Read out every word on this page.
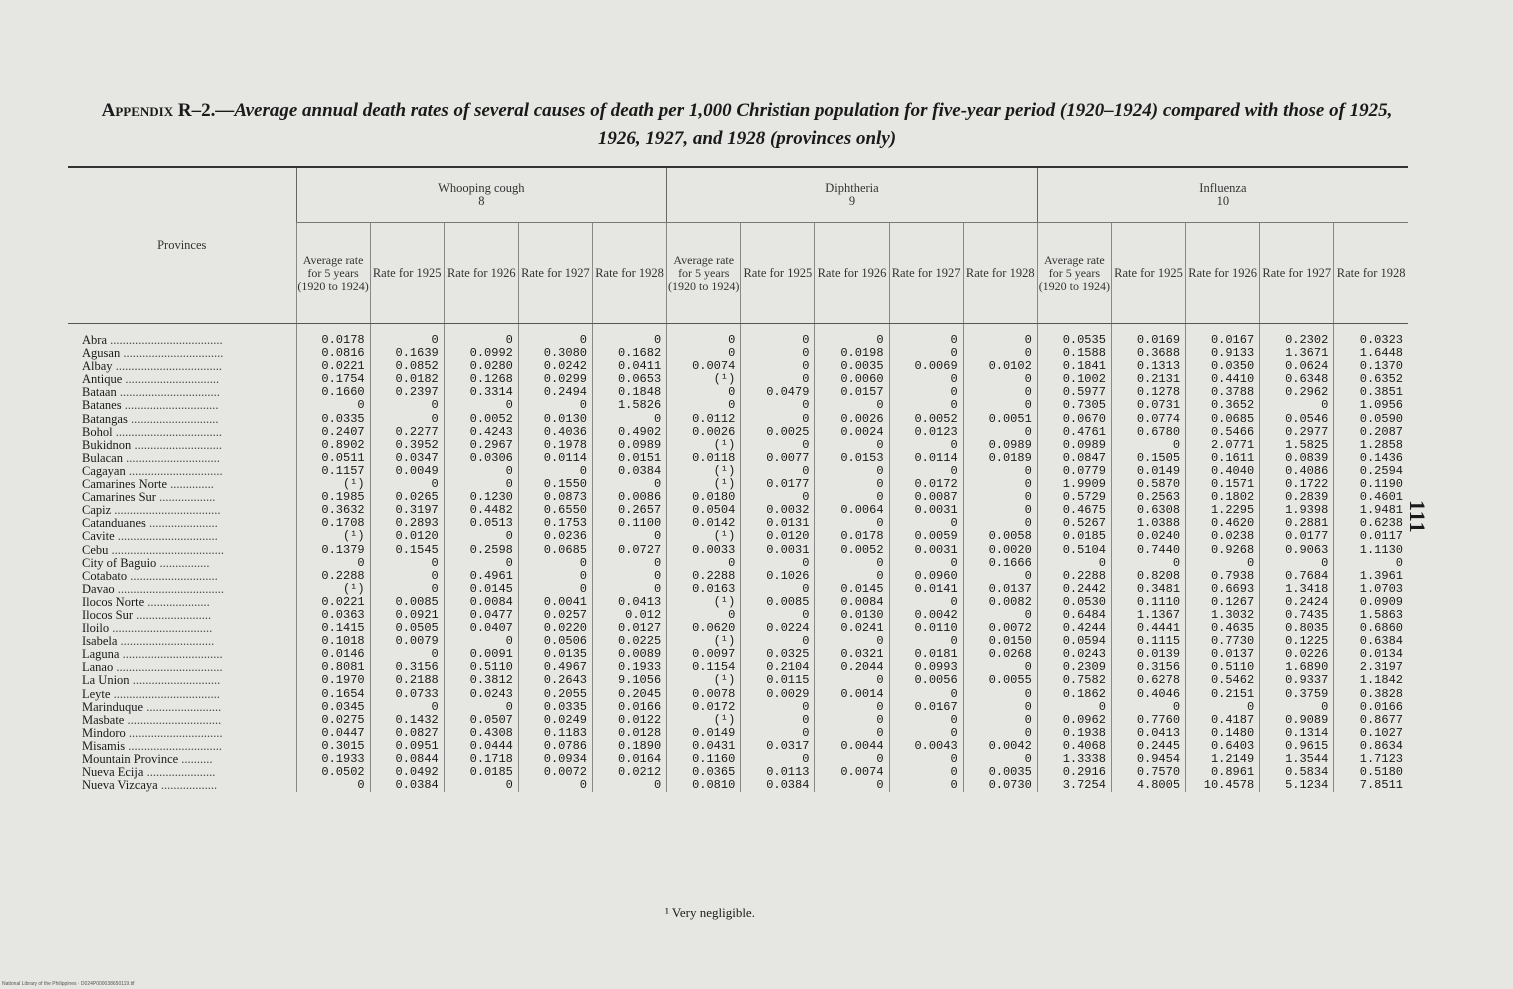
111
Appendix R–2.—Average annual death rates of several causes of death per 1,000 Christian population for five-year period (1920–1924) compared with those of 1925, 1926, 1927, and 1928 (provinces only)
Provinces	Whooping cough
8					Diphtheria
9					Influenza
10				
	Average rate for 5 years (1920 to 1924)	Rate for 1925	Rate for 1926	Rate for 1927	Rate for 1928	Average rate for 5 years (1920 to 1924)	Rate for 1925	Rate for 1926	Rate for 1927	Rate for 1928	Average rate for 5 years (1920 to 1924)	Rate for 1925	Rate for 1926	Rate for 1927	Rate for 1928
Abra ....................................	0.0178	0	0	0	0	0	0	0	0	0	0.0535	0.0169	0.0167	0.2302	0.0323
Agusan ................................	0.0816	0.1639	0.0992	0.3080	0.1682	0	0	0.0198	0	0	0.1588	0.3688	0.9133	1.3671	1.6448
Albay ..................................	0.0221	0.0852	0.0280	0.0242	0.0411	0.0074	0	0.0035	0.0069	0.0102	0.1841	0.1313	0.0350	0.0624	0.1370
Antique ..............................	0.1754	0.0182	0.1268	0.0299	0.0653	(¹)	0	0.0060	0	0	0.1002	0.2131	0.4410	0.6348	0.6352
Bataan ................................	0.1660	0.2397	0.3314	0.2494	0.1848	0	0.0479	0.0157	0	0	0.5977	0.1278	0.3788	0.2962	0.3851
Batanes ..............................	0	0	0	0	1.5826	0	0	0	0	0	0.7305	0.0731	0.3652	0	1.0956
Batangas ............................	0.0335	0	0.0052	0.0130	0	0.0112	0	0.0026	0.0052	0.0051	0.0670	0.0774	0.0685	0.0546	0.0590
Bohol ..................................	0.2407	0.2277	0.4243	0.4036	0.4902	0.0026	0.0025	0.0024	0.0123	0	0.4761	0.6780	0.5466	0.2977	0.2087
Bukidnon ............................	0.8902	0.3952	0.2967	0.1978	0.0989	(¹)	0	0	0	0.0989	0.0989	0	2.0771	1.5825	1.2858
Bulacan ..............................	0.0511	0.0347	0.0306	0.0114	0.0151	0.0118	0.0077	0.0153	0.0114	0.0189	0.0847	0.1505	0.1611	0.0839	0.1436
Cagayan ..............................	0.1157	0.0049	0	0	0.0384	(¹)	0	0	0	0	0.0779	0.0149	0.4040	0.4086	0.2594
Camarines Norte ..............	(¹)	0	0	0.1550	0	(¹)	0.0177	0	0.0172	0	1.9909	0.5870	0.1571	0.1722	0.1190
Camarines Sur ..................	0.1985	0.0265	0.1230	0.0873	0.0086	0.0180	0	0	0.0087	0	0.5729	0.2563	0.1802	0.2839	0.4601
Capiz ..................................	0.3632	0.3197	0.4482	0.6550	0.2657	0.0504	0.0032	0.0064	0.0031	0	0.4675	0.6308	1.2295	1.9398	1.9481
Catanduanes ......................	0.1708	0.2893	0.0513	0.1753	0.1100	0.0142	0.0131	0	0	0	0.5267	1.0388	0.4620	0.2881	0.6238
Cavite ................................	(¹)	0.0120	0	0.0236	0	(¹)	0.0120	0.0178	0.0059	0.0058	0.0185	0.0240	0.0238	0.0177	0.0117
Cebu ....................................	0.1379	0.1545	0.2598	0.0685	0.0727	0.0033	0.0031	0.0052	0.0031	0.0020	0.5104	0.7440	0.9268	0.9063	1.1130
City of Baguio ................	0	0	0	0	0	0	0	0	0	0.1666	0	0	0	0	0
Cotabato ............................	0.2288	0	0.4961	0	0	0.2288	0.1026	0	0.0960	0	0.2288	0.8208	0.7938	0.7684	1.3961
Davao ..................................	(¹)	0	0.0145	0	0	0.0163	0	0.0145	0.0141	0.0137	0.2442	0.3481	0.6693	1.3418	1.0703
Ilocos Norte ....................	0.0221	0.0085	0.0084	0.0041	0.0413	(¹)	0.0085	0.0084	0	0.0082	0.0530	0.1110	0.1267	0.2424	0.0909
Ilocos Sur ........................	0.0363	0.0921	0.0477	0.0257	0.012	0	0	0.0130	0.0042	0	0.6484	1.1367	1.3032	0.7435	1.5863
Iloilo ................................	0.1415	0.0505	0.0407	0.0220	0.0127	0.0620	0.0224	0.0241	0.0110	0.0072	0.4244	0.4441	0.4635	0.8035	0.6860
Isabela ..............................	0.1018	0.0079	0	0.0506	0.0225	(¹)	0	0	0	0.0150	0.0594	0.1115	0.7730	0.1225	0.6384
Laguna ................................	0.0146	0	0.0091	0.0135	0.0089	0.0097	0.0325	0.0321	0.0181	0.0268	0.0243	0.0139	0.0137	0.0226	0.0134
Lanao ..................................	0.8081	0.3156	0.5110	0.4967	0.1933	0.1154	0.2104	0.2044	0.0993	0	0.2309	0.3156	0.5110	1.6890	2.3197
La Union ............................	0.1970	0.2188	0.3812	0.2643	9.1056	(¹)	0.0115	0	0.0056	0.0055	0.7582	0.6278	0.5462	0.9337	1.1842
Leyte ..................................	0.1654	0.0733	0.0243	0.2055	0.2045	0.0078	0.0029	0.0014	0	0	0.1862	0.4046	0.2151	0.3759	0.3828
Marinduque ........................	0.0345	0	0	0.0335	0.0166	0.0172	0	0	0.0167	0	0	0	0	0	0.0166
Masbate ..............................	0.0275	0.1432	0.0507	0.0249	0.0122	(¹)	0	0	0	0	0.0962	0.7760	0.4187	0.9089	0.8677
Mindoro ..............................	0.0447	0.0827	0.4308	0.1183	0.0128	0.0149	0	0	0	0	0.1938	0.0413	0.1480	0.1314	0.1027
Misamis ..............................	0.3015	0.0951	0.0444	0.0786	0.1890	0.0431	0.0317	0.0044	0.0043	0.0042	0.4068	0.2445	0.6403	0.9615	0.8634
Mountain Province ..........	0.1933	0.0844	0.1718	0.0934	0.0164	0.1160	0	0	0	0	1.3338	0.9454	1.2149	1.3544	1.7123
Nueva Ecija ......................	0.0502	0.0492	0.0185	0.0072	0.0212	0.0365	0.0113	0.0074	0	0.0035	0.2916	0.7570	0.8961	0.5834	0.5180
Nueva Vizcaya ..................	0	0.0384	0	0	0	0.0810	0.0384	0	0	0.0730	3.7254	4.8005	10.4578	5.1234	7.8511
¹ Very negligible.
National Library of the Philippines · D024P000038650119.tif
